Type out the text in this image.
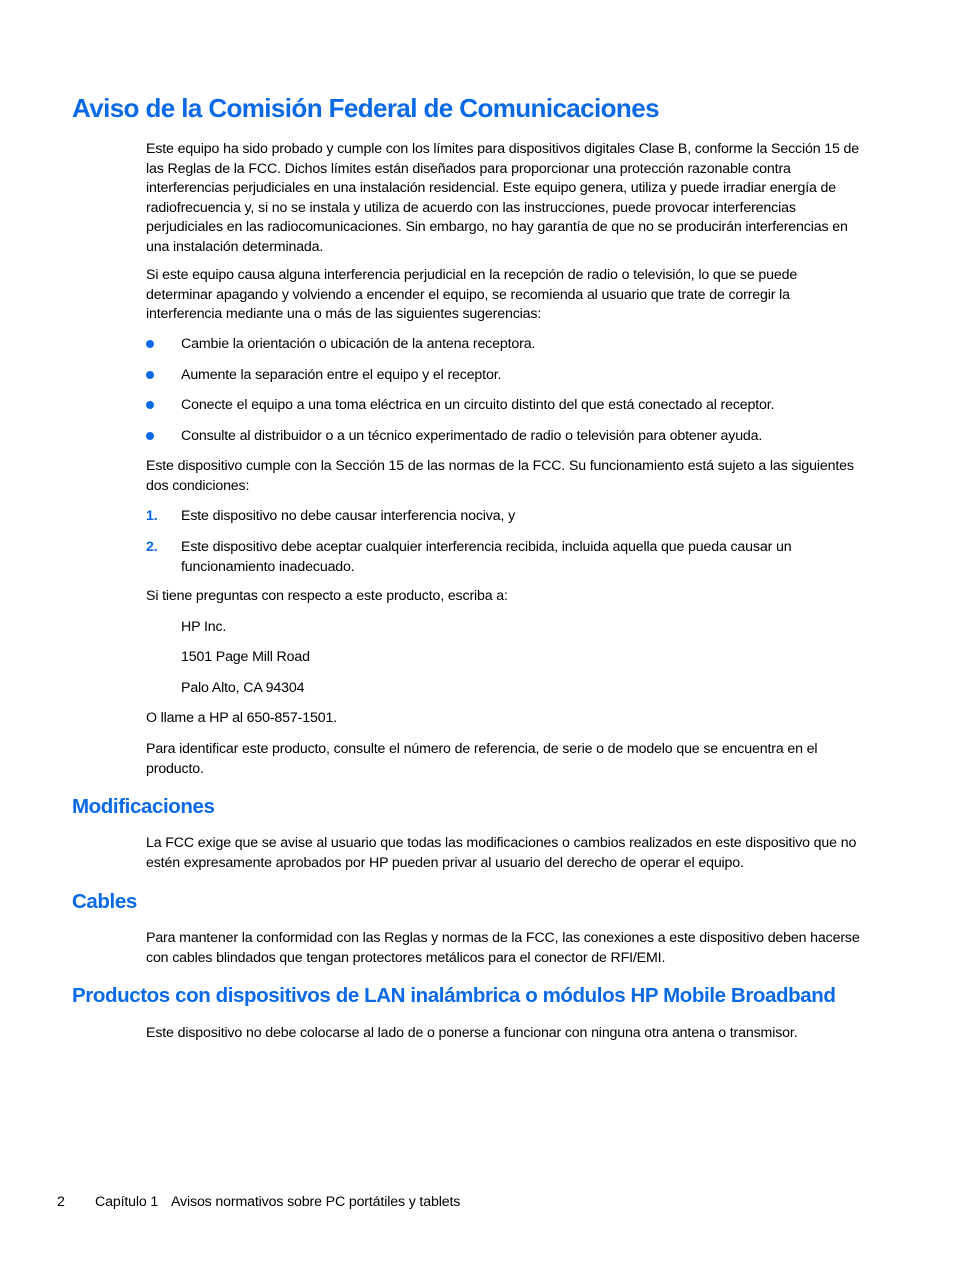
Aviso de la Comisión Federal de Comunicaciones

Este equipo ha sido probado y cumple con los límites para dispositivos digitales Clase B, conforme la Sección 15 de las Reglas de la FCC. Dichos límites están diseñados para proporcionar una protección razonable contra interferencias perjudiciales en una instalación residencial. Este equipo genera, utiliza y puede irradiar energía de radiofrecuencia y, si no se instala y utiliza de acuerdo con las instrucciones, puede provocar interferencias perjudiciales en las radiocomunicaciones. Sin embargo, no hay garantía de que no se producirán interferencias en una instalación determinada.

Si este equipo causa alguna interferencia perjudicial en la recepción de radio o televisión, lo que se puede determinar apagando y volviendo a encender el equipo, se recomienda al usuario que trate de corregir la interferencia mediante una o más de las siguientes sugerencias:

Cambie la orientación o ubicación de la antena receptora.
Aumente la separación entre el equipo y el receptor.
Conecte el equipo a una toma eléctrica en un circuito distinto del que está conectado al receptor.
Consulte al distribuidor o a un técnico experimentado de radio o televisión para obtener ayuda.

Este dispositivo cumple con la Sección 15 de las normas de la FCC. Su funcionamiento está sujeto a las siguientes dos condiciones:

1. Este dispositivo no debe causar interferencia nociva, y
2. Este dispositivo debe aceptar cualquier interferencia recibida, incluida aquella que pueda causar un funcionamiento inadecuado.

Si tiene preguntas con respecto a este producto, escriba a:

HP Inc.
1501 Page Mill Road
Palo Alto, CA 94304

O llame a HP al 650-857-1501.

Para identificar este producto, consulte el número de referencia, de serie o de modelo que se encuentra en el producto.

Modificaciones

La FCC exige que se avise al usuario que todas las modificaciones o cambios realizados en este dispositivo que no estén expresamente aprobados por HP pueden privar al usuario del derecho de operar el equipo.

Cables

Para mantener la conformidad con las Reglas y normas de la FCC, las conexiones a este dispositivo deben hacerse con cables blindados que tengan protectores metálicos para el conector de RFI/EMI.

Productos con dispositivos de LAN inalámbrica o módulos HP Mobile Broadband

Este dispositivo no debe colocarse al lado de o ponerse a funcionar con ninguna otra antena o transmisor.

2 Capítulo 1 Avisos normativos sobre PC portátiles y tablets
